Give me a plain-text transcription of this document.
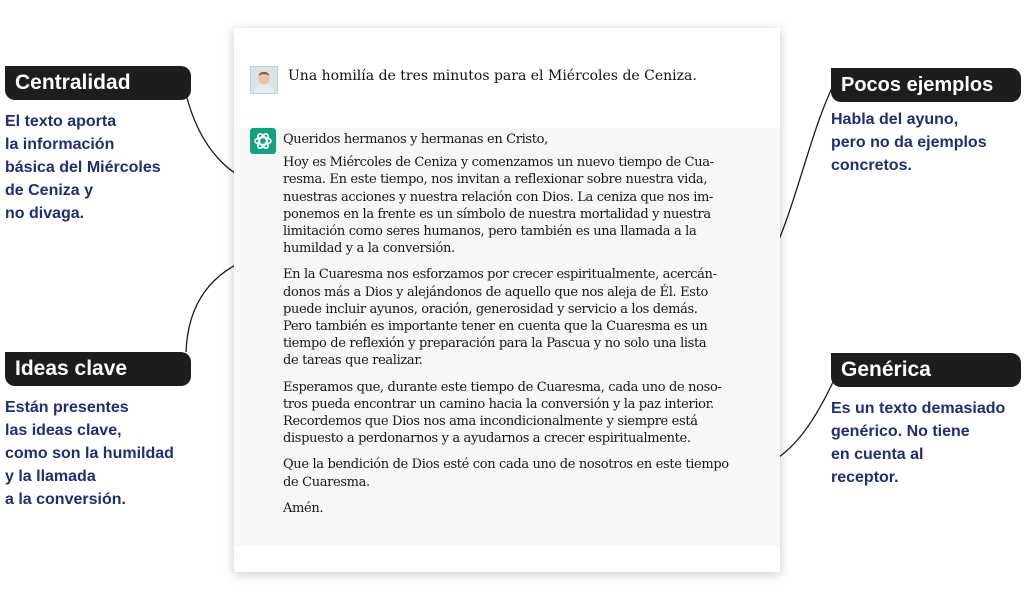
Centralidad
El texto aporta
la información
básica del Miércoles
de Ceniza y
no divaga.
Ideas clave
Están presentes
las ideas clave,
como son la humildad
y la llamada
a la conversión.
Pocos ejemplos
Habla del ayuno,
pero no da ejemplos
concretos.
Genérica
Es un texto demasiado
genérico. No tiene
en cuenta al
receptor.
Una homilía de tres minutos para el Miércoles de Ceniza.

Queridos hermanos y hermanas en Cristo,

Hoy es Miércoles de Ceniza y comenzamos un nuevo tiempo de Cua-
resma. En este tiempo, nos invitan a reflexionar sobre nuestra vida,
nuestras acciones y nuestra relación con Dios. La ceniza que nos im-
ponemos en la frente es un símbolo de nuestra mortalidad y nuestra
limitación como seres humanos, pero también es una llamada a la
humildad y a la conversión.

En la Cuaresma nos esforzamos por crecer espiritualmente, acercán-
donos más a Dios y alejándonos de aquello que nos aleja de Él. Esto
puede incluir ayunos, oración, generosidad y servicio a los demás.
Pero también es importante tener en cuenta que la Cuaresma es un
tiempo de reflexión y preparación para la Pascua y no solo una lista
de tareas que realizar.

Esperamos que, durante este tiempo de Cuaresma, cada uno de noso-
tros pueda encontrar un camino hacia la conversión y la paz interior.
Recordemos que Dios nos ama incondicionalmente y siempre está
dispuesto a perdonarnos y a ayudarnos a crecer espiritualmente.

Que la bendición de Dios esté con cada uno de nosotros en este tiempo
de Cuaresma.

Amén.
